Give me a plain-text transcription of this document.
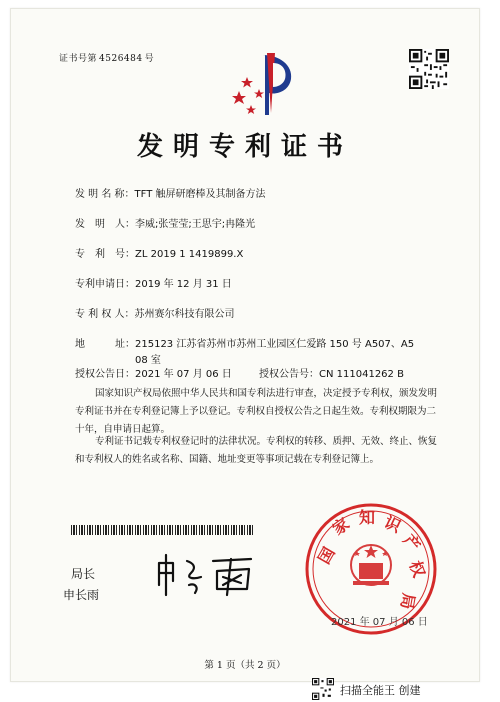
证书号第 4526484 号
发明专利证书
发 明 名 称：TFT 触屏研磨棒及其制备方法
发　明　人：李威;张莹莹;王思宇;冉隆光
专　利　号：ZL 2019 1 1419899.X
专利申请日：2019 年 12 月 31 日
专 利 权 人：苏州赛尔科技有限公司
地　　　址：215123 江苏省苏州市苏州工业园区仁爱路 150 号 A507、A5
08 室
授权公告日：2021 年 07 月 06 日	授权公告号：CN 111041262 B
国家知识产权局依照中华人民共和国专利法进行审查，决定授予专利权，颁发发明专利证书并在专利登记簿上予以登记。专利权自授权公告之日起生效。专利权期限为二十年，自申请日起算。
专利证书记载专利权登记时的法律状况。专利权的转移、质押、无效、终止、恢复和专利权人的姓名或名称、国籍、地址变更等事项记载在专利登记簿上。
局长
申长雨
国
家 知 识
产
权
局
2021 年 07 月 06 日
第 1 页（共 2 页）
扫描全能王 创建
